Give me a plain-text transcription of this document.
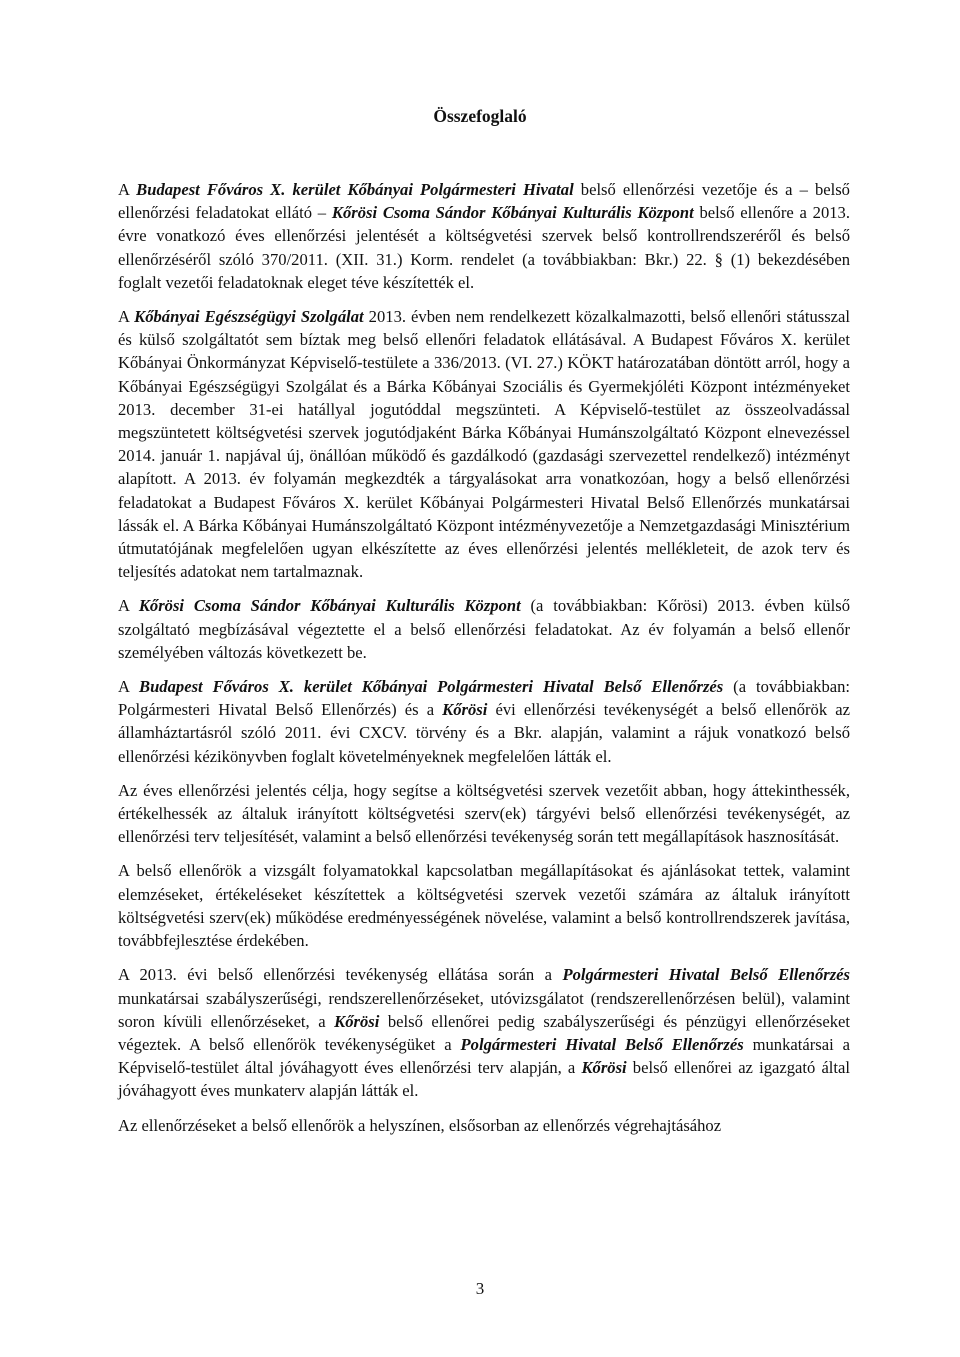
Összefoglaló

A Budapest Főváros X. kerület Kőbányai Polgármesteri Hivatal belső ellenőrzési vezetője és a – belső ellenőrzési feladatokat ellátó – Kőrösi Csoma Sándor Kőbányai Kulturális Központ belső ellenőre a 2013. évre vonatkozó éves ellenőrzési jelentését a költségvetési szervek belső kontrollrendszeréről és belső ellenőrzéséről szóló 370/2011. (XII. 31.) Korm. rendelet (a továbbiakban: Bkr.) 22. § (1) bekezdésében foglalt vezetői feladatoknak eleget téve készítették el.

A Kőbányai Egészségügyi Szolgálat 2013. évben nem rendelkezett közalkalmazotti, belső ellenőri státusszal és külső szolgáltatót sem bíztak meg belső ellenőri feladatok ellátásával. A Budapest Főváros X. kerület Kőbányai Önkormányzat Képviselő-testülete a 336/2013. (VI. 27.) KÖKT határozatában döntött arról, hogy a Kőbányai Egészségügyi Szolgálat és a Bárka Kőbányai Szociális és Gyermekjóléti Központ intézményeket 2013. december 31-ei hatállyal jogutóddal megszünteti. A Képviselő-testület az összeolvadással megszüntetett költségvetési szervek jogutódjaként Bárka Kőbányai Humánszolgáltató Központ elnevezéssel 2014. január 1. napjával új, önállóan működő és gazdálkodó (gazdasági szervezettel rendelkező) intézményt alapított. A 2013. év folyamán megkezdték a tárgyalásokat arra vonatkozóan, hogy a belső ellenőrzési feladatokat a Budapest Főváros X. kerület Kőbányai Polgármesteri Hivatal Belső Ellenőrzés munkatársai lássák el. A Bárka Kőbányai Humánszolgáltató Központ intézményvezetője a Nemzetgazdasági Minisztérium útmutatójának megfelelően ugyan elkészítette az éves ellenőrzési jelentés mellékleteit, de azok terv és teljesítés adatokat nem tartalmaznak.

A Kőrösi Csoma Sándor Kőbányai Kulturális Központ (a továbbiakban: Kőrösi) 2013. évben külső szolgáltató megbízásával végeztette el a belső ellenőrzési feladatokat. Az év folyamán a belső ellenőr személyében változás következett be.

A Budapest Főváros X. kerület Kőbányai Polgármesteri Hivatal Belső Ellenőrzés (a továbbiakban: Polgármesteri Hivatal Belső Ellenőrzés) és a Kőrösi évi ellenőrzési tevékenységét a belső ellenőrök az államháztartásról szóló 2011. évi CXCV. törvény és a Bkr. alapján, valamint a rájuk vonatkozó belső ellenőrzési kézikönyvben foglalt követelményeknek megfelelően látták el.

Az éves ellenőrzési jelentés célja, hogy segítse a költségvetési szervek vezetőit abban, hogy áttekinthessék, értékelhessék az általuk irányított költségvetési szerv(ek) tárgyévi belső ellenőrzési tevékenységét, az ellenőrzési terv teljesítését, valamint a belső ellenőrzési tevékenység során tett megállapítások hasznosítását.

A belső ellenőrök a vizsgált folyamatokkal kapcsolatban megállapításokat és ajánlásokat tettek, valamint elemzéseket, értékeléseket készítettek a költségvetési szervek vezetői számára az általuk irányított költségvetési szerv(ek) működése eredményességének növelése, valamint a belső kontrollrendszerek javítása, továbbfejlesztése érdekében.

A 2013. évi belső ellenőrzési tevékenység ellátása során a Polgármesteri Hivatal Belső Ellenőrzés munkatársai szabályszerűségi, rendszerellenőrzéseket, utóvizsgálatot (rendszerellenőrzésen belül), valamint soron kívüli ellenőrzéseket, a Kőrösi belső ellenőrei pedig szabályszerűségi és pénzügyi ellenőrzéseket végeztek. A belső ellenőrök tevékenységüket a Polgármesteri Hivatal Belső Ellenőrzés munkatársai a Képviselő-testület által jóváhagyott éves ellenőrzési terv alapján, a Kőrösi belső ellenőrei az igazgató által jóváhagyott éves munkaterv alapján látták el.

Az ellenőrzéseket a belső ellenőrök a helyszínen, elsősorban az ellenőrzés végrehajtásához

3
